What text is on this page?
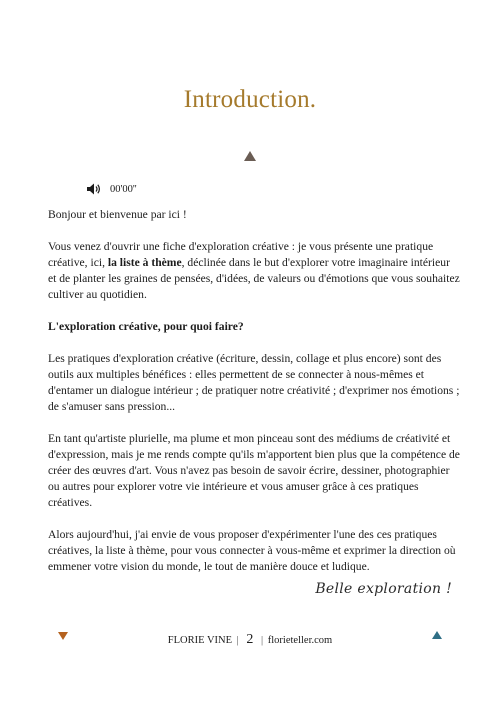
Introduction.
00'00''

Bonjour et bienvenue par ici !

Vous venez d'ouvrir une fiche d'exploration créative : je vous présente une pratique créative, ici, la liste à thème, déclinée dans le but d'explorer votre imaginaire intérieur et de planter les graines de pensées, d'idées, de valeurs ou d'émotions que vous souhaitez cultiver au quotidien.

L'exploration créative, pour quoi faire?

Les pratiques d'exploration créative (écriture, dessin, collage et plus encore) sont des outils aux multiples bénéfices : elles permettent de se connecter à nous-mêmes et d'entamer un dialogue intérieur ; de pratiquer notre créativité ; d'exprimer nos émotions ; de s'amuser sans pression...

En tant qu'artiste plurielle, ma plume et mon pinceau sont des médiums de créativité et d'expression, mais je me rends compte qu'ils m'apportent bien plus que la compétence de créer des œuvres d'art. Vous n'avez pas besoin de savoir écrire, dessiner, photographier ou autres pour explorer votre vie intérieure et vous amuser grâce à ces pratiques créatives.

Alors aujourd'hui, j'ai envie de vous proposer d'expérimenter l'une des ces pratiques créatives, la liste à thème, pour vous connecter à vous-même et exprimer la direction où emmener votre vision du monde, le tout de manière douce et ludique.

Belle exploration !
FLORIE VINE | 2 | florieteller.com
